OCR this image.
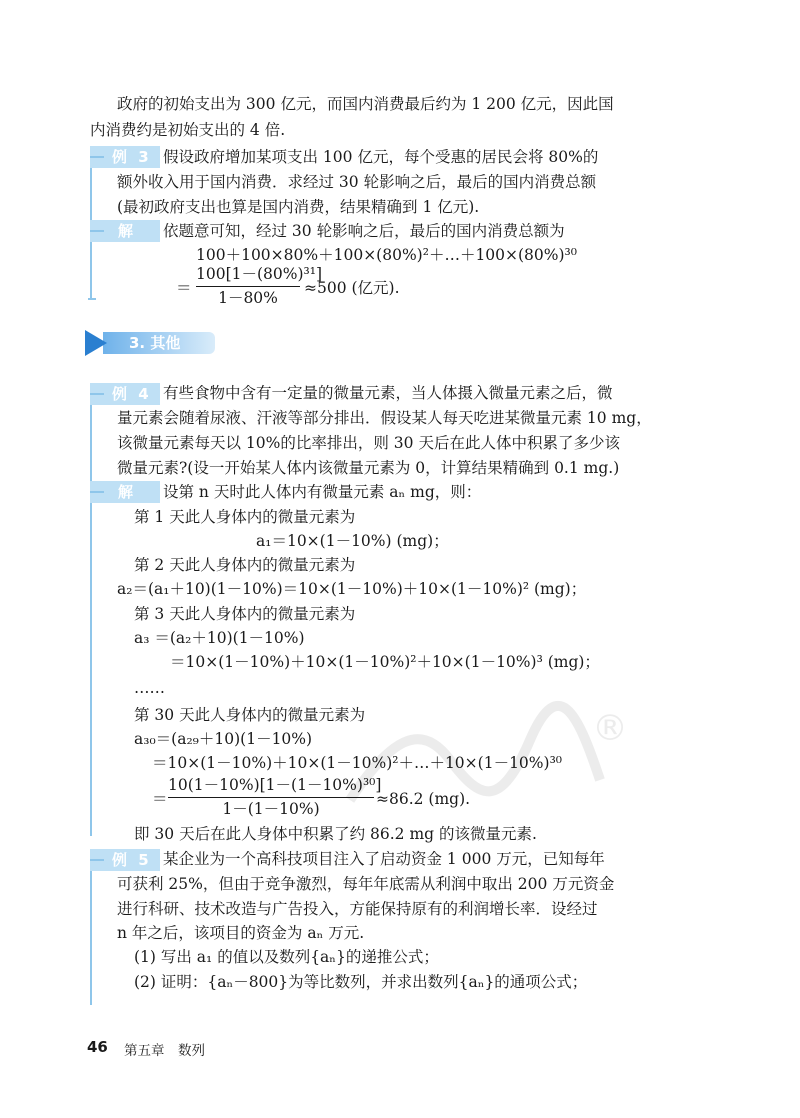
政府的初始支出为 300 亿元，而国内消费最后约为 1 200 亿元，因此国
内消费约是初始支出的 4 倍.
例 3 假设政府增加某项支出 100 亿元，每个受惠的居民会将 80%的
额外收入用于国内消费．求经过 30 轮影响之后，最后的国内消费总额
(最初政府支出也算是国内消费，结果精确到 1 亿元).
解 依题意可知，经过 30 轮影响之后，最后的国内消费总额为
100＋100×80%＋100×(80%)²＋…＋100×(80%)³⁰
＝
100[1－(80%)³¹]
1－80%
≈500 (亿元).
3. 其他
例 4 有些食物中含有一定量的微量元素，当人体摄入微量元素之后，微
量元素会随着尿液、汗液等部分排出．假设某人每天吃进某微量元素 10 mg，
该微量元素每天以 10%的比率排出，则 30 天后在此人体中积累了多少该
微量元素?(设一开始某人体内该微量元素为 0，计算结果精确到 0.1 mg.)
解 设第 n 天时此人体内有微量元素 aₙ mg，则：
第 1 天此人身体内的微量元素为
a₁＝10×(1－10%) (mg)；
第 2 天此人身体内的微量元素为
a₂＝(a₁＋10)(1－10%)＝10×(1－10%)＋10×(1－10%)² (mg)；
第 3 天此人身体内的微量元素为
a₃ ＝(a₂＋10)(1－10%)
＝10×(1－10%)＋10×(1－10%)²＋10×(1－10%)³ (mg)；
……
第 30 天此人身体内的微量元素为
a₃₀＝(a₂₉＋10)(1－10%)
＝10×(1－10%)＋10×(1－10%)²＋…＋10×(1－10%)³⁰
＝
10(1－10%)[1－(1－10%)³⁰]
1－(1－10%)
≈86.2 (mg).
即 30 天后在此人身体中积累了约 86.2 mg 的该微量元素.
例 5 某企业为一个高科技项目注入了启动资金 1 000 万元，已知每年
可获利 25%，但由于竞争激烈，每年年底需从利润中取出 200 万元资金
进行科研、技术改造与广告投入，方能保持原有的利润增长率．设经过
n 年之后，该项目的资金为 aₙ 万元.
(1) 写出 a₁ 的值以及数列{aₙ}的递推公式；
(2) 证明：{aₙ－800}为等比数列，并求出数列{aₙ}的通项公式；
®
46 第五章　数列
